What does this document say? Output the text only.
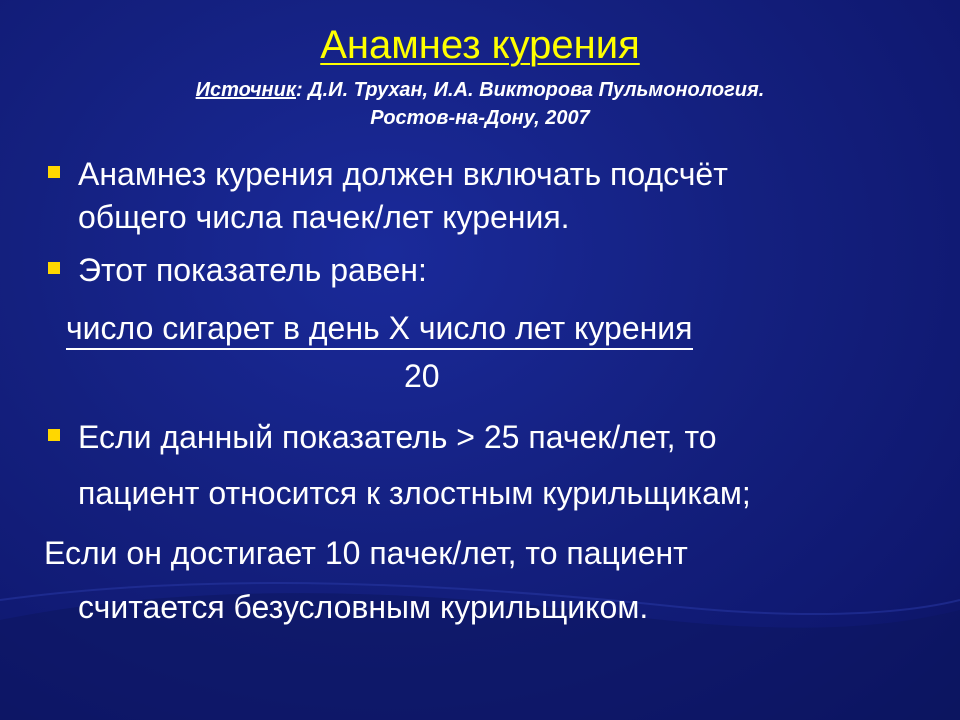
Анамнез курения
Источник: Д.И. Трухан, И.А. Викторова Пульмонология.
Ростов-на-Дону, 2007
Анамнез курения должен включать подсчёт
общего числа пачек/лет курения.
Этот показатель равен:
число сигарет в день Х число лет курения
20
Если данный показатель > 25 пачек/лет, то
пациент относится к злостным курильщикам;
Если он достигает 10 пачек/лет, то пациент
считается безусловным курильщиком.
